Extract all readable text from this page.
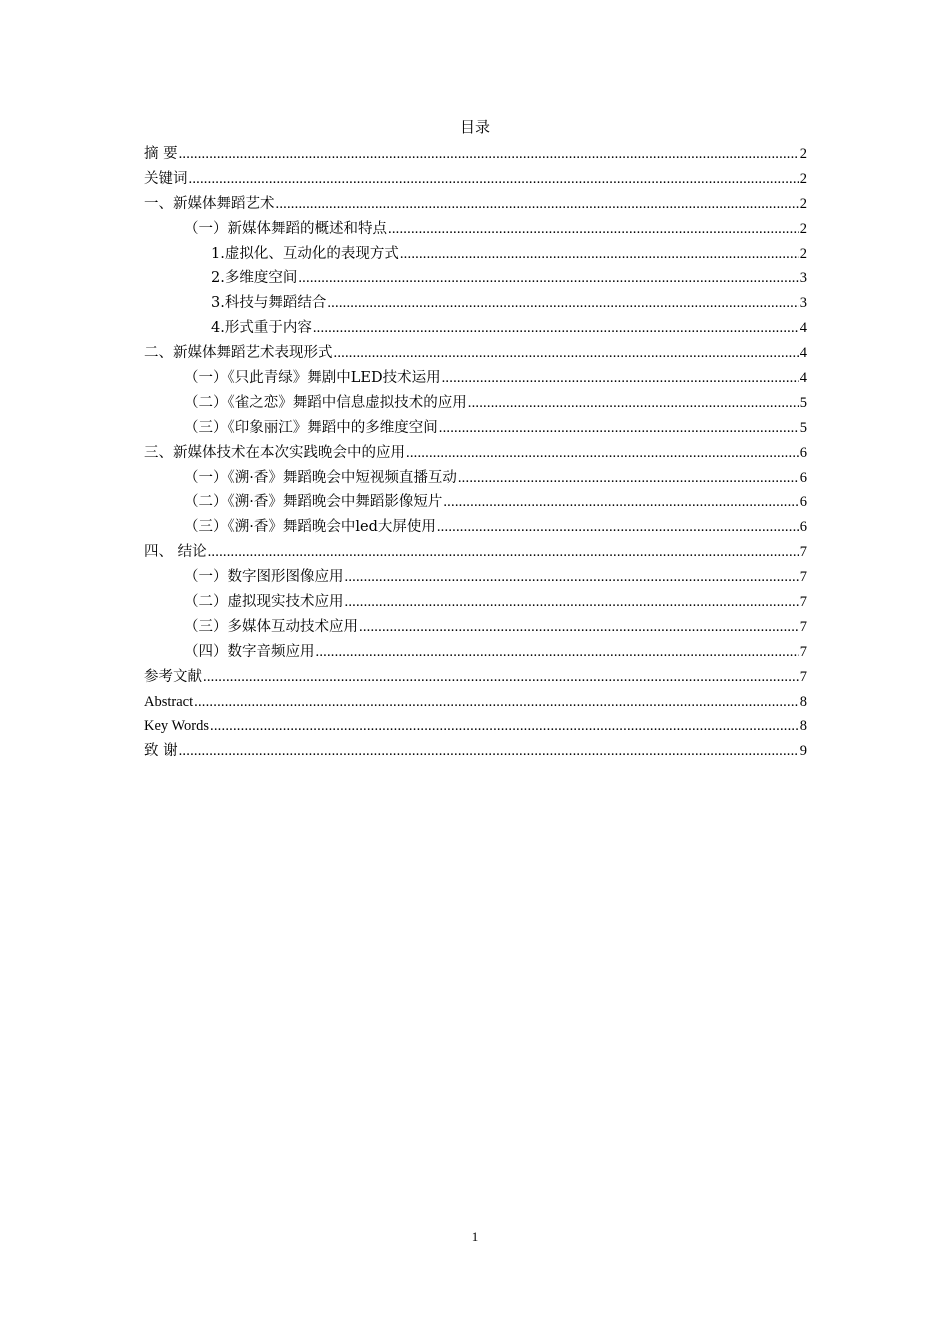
目录
摘 要 .....	2
关键词 .....	2
一、新媒体舞蹈艺术 .....	2
（一）新媒体舞蹈的概述和特点 .....	2
1.虚拟化、互动化的表现方式 .....	2
2.多维度空间 .....	3
3.科技与舞蹈结合 .....	3
4.形式重于内容 .....	4
二、新媒体舞蹈艺术表现形式 .....	4
（一）《只此青绿》舞剧中LED技术运用 .....	4
（二）《雀之恋》舞蹈中信息虚拟技术的应用 .....	5
（三）《印象丽江》舞蹈中的多维度空间 .....	5
三、新媒体技术在本次实践晚会中的应用 .....	6
（一）《溯·香》舞蹈晚会中短视频直播互动 .....	6
（二）《溯·香》舞蹈晚会中舞蹈影像短片 .....	6
（三）《溯·香》舞蹈晚会中led大屏使用 .....	6
四、 结论 .....	7
（一）数字图形图像应用 .....	7
（二）虚拟现实技术应用 .....	7
（三）多媒体互动技术应用 .....	7
（四）数字音频应用 .....	7
参考文献 .....	7
Abstract .....	8
Key Words .....	8
致 谢 .....	9
1
